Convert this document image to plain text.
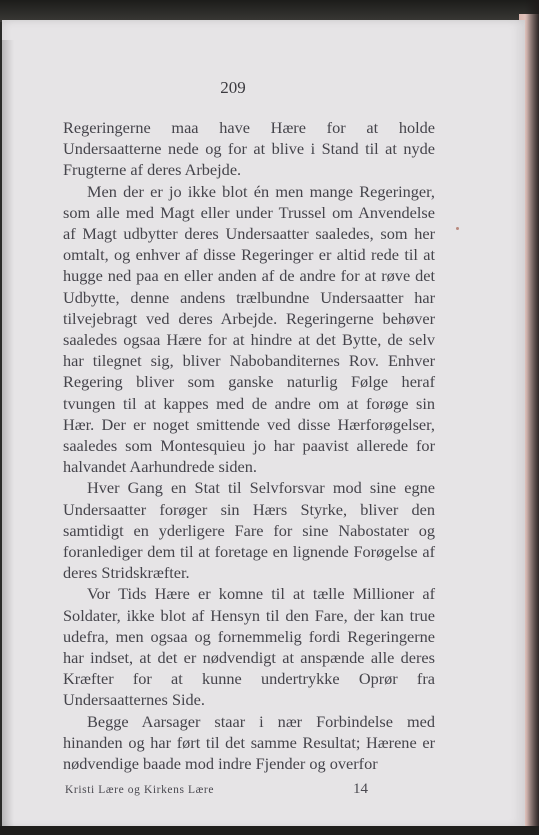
209

Regeringerne maa have Hære for at holde Undersaatterne nede og for at blive i Stand til at nyde Frugterne af deres Arbejde.

Men der er jo ikke blot én men mange Regeringer, som alle med Magt eller under Trussel om Anvendelse af Magt udbytter deres Undersaatter saaledes, som her omtalt, og enhver af disse Regeringer er altid rede til at hugge ned paa en eller anden af de andre for at røve det Udbytte, denne andens trælbundne Undersaatter har tilvejebragt ved deres Arbejde. Regeringerne behøver saaledes ogsaa Hære for at hindre at det Bytte, de selv har tilegnet sig, bliver Nabobanditernes Rov. Enhver Regering bliver som ganske naturlig Følge heraf tvungen til at kappes med de andre om at forøge sin Hær. Der er noget smittende ved disse Hærforøgelser, saaledes som Montesquieu jo har paavist allerede for halvandet Aarhundrede siden.

Hver Gang en Stat til Selvforsvar mod sine egne Undersaatter forøger sin Hærs Styrke, bliver den samtidigt en yderligere Fare for sine Nabostater og foranlediger dem til at foretage en lignende Forøgelse af deres Stridskræfter.

Vor Tids Hære er komne til at tælle Millioner af Soldater, ikke blot af Hensyn til den Fare, der kan true udefra, men ogsaa og fornemmelig fordi Regeringerne har indset, at det er nødvendigt at anspænde alle deres Kræfter for at kunne undertrykke Oprør fra Undersaatternes Side.

Begge Aarsager staar i nær Forbindelse med hinanden og har ført til det samme Resultat; Hærene er nødvendige baade mod indre Fjender og overfor

Kristi Lære og Kirkens Lære	14
